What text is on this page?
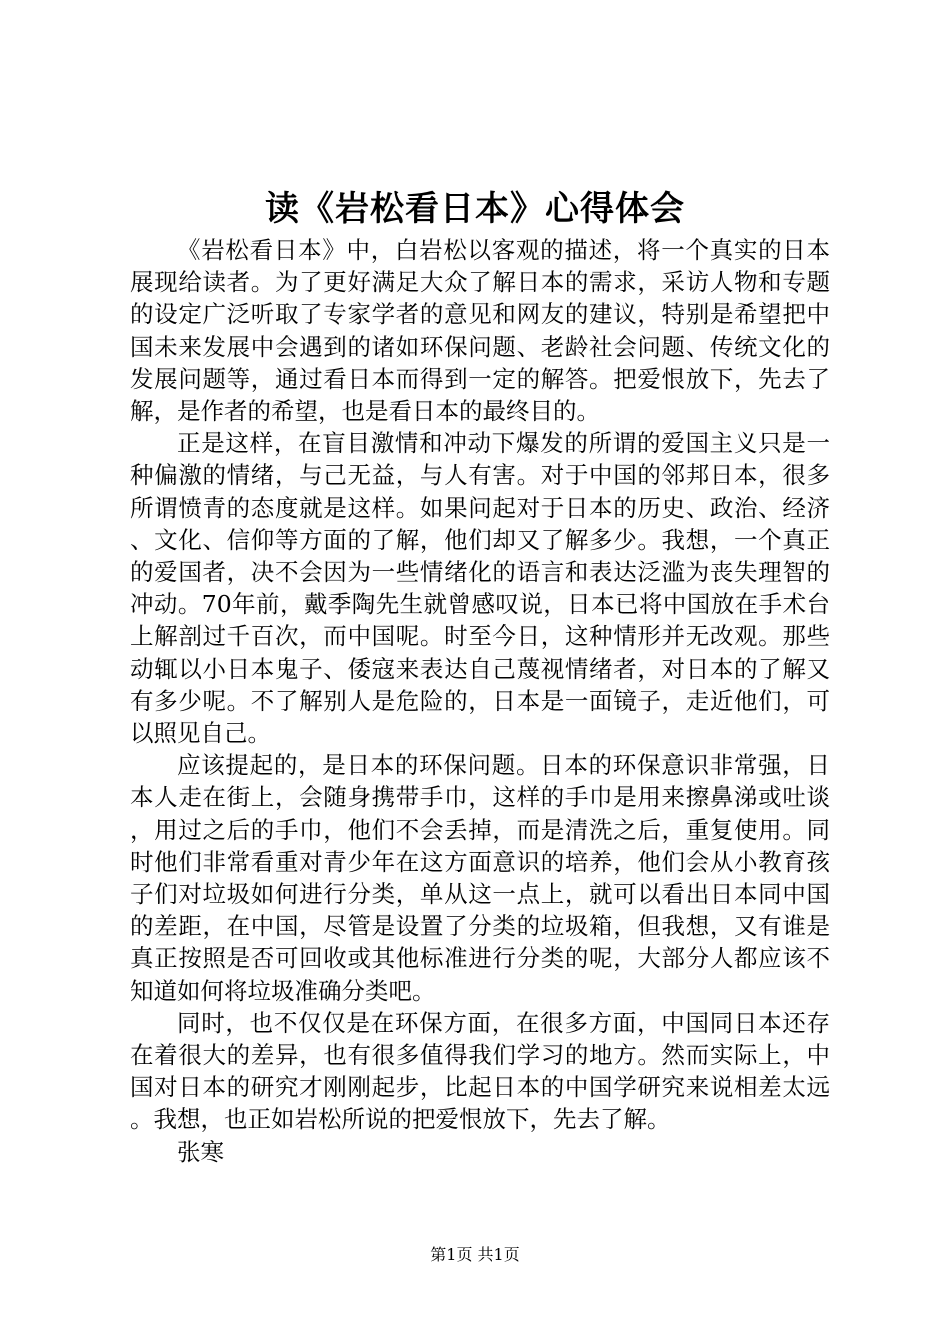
读《岩松看日本》心得体会

《岩松看日本》中，白岩松以客观的描述，将一个真实的日本展现给读者。为了更好满足大众了解日本的需求，采访人物和专题的设定广泛听取了专家学者的意见和网友的建议，特别是希望把中国未来发展中会遇到的诸如环保问题、老龄社会问题、传统文化的发展问题等，通过看日本而得到一定的解答。把爱恨放下，先去了解，是作者的希望，也是看日本的最终目的。

正是这样，在盲目激情和冲动下爆发的所谓的爱国主义只是一种偏激的情绪，与己无益，与人有害。对于中国的邻邦日本，很多所谓愤青的态度就是这样。如果问起对于日本的历史、政治、经济、文化、信仰等方面的了解，他们却又了解多少。我想，一个真正的爱国者，决不会因为一些情绪化的语言和表达泛滥为丧失理智的冲动。70年前，戴季陶先生就曾感叹说，日本已将中国放在手术台上解剖过千百次，而中国呢。时至今日，这种情形并无改观。那些动辄以小日本鬼子、倭寇来表达自己蔑视情绪者，对日本的了解又有多少呢。不了解别人是危险的，日本是一面镜子，走近他们，可以照见自己。

应该提起的，是日本的环保问题。日本的环保意识非常强，日本人走在街上，会随身携带手巾，这样的手巾是用来擦鼻涕或吐谈，用过之后的手巾，他们不会丢掉，而是清洗之后，重复使用。同时他们非常看重对青少年在这方面意识的培养，他们会从小教育孩子们对垃圾如何进行分类，单从这一点上，就可以看出日本同中国的差距，在中国，尽管是设置了分类的垃圾箱，但我想，又有谁是真正按照是否可回收或其他标准进行分类的呢，大部分人都应该不知道如何将垃圾准确分类吧。

同时，也不仅仅是在环保方面，在很多方面，中国同日本还存在着很大的差异，也有很多值得我们学习的地方。然而实际上，中国对日本的研究才刚刚起步，比起日本的中国学研究来说相差太远。我想，也正如岩松所说的把爱恨放下，先去了解。

张寒

第1页 共1页
